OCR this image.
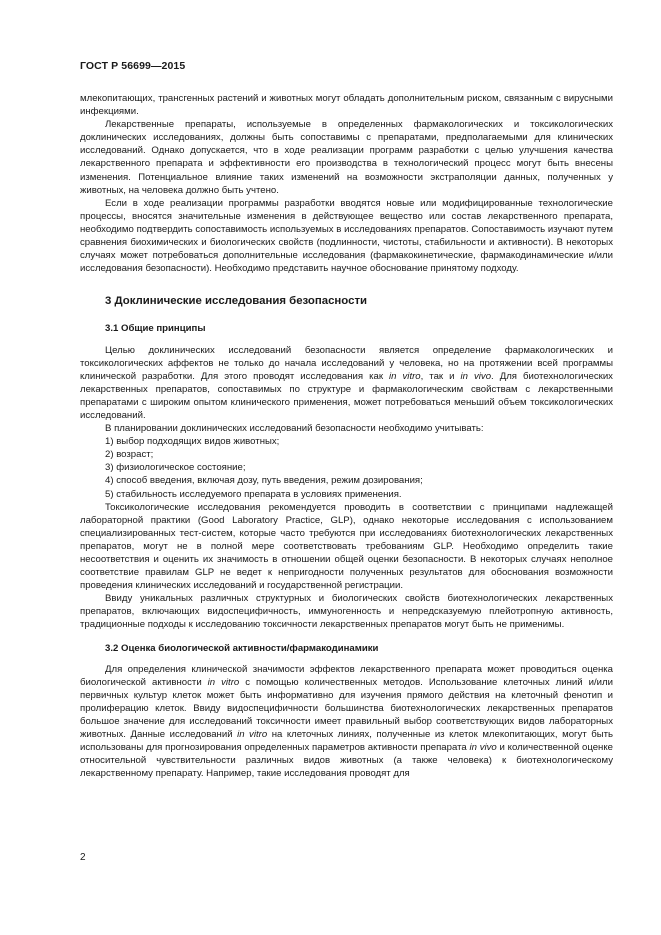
ГОСТ Р 56699—2015

млекопитающих, трансгенных растений и животных могут обладать дополнительным риском, связанным с вирусными инфекциями.

Лекарственные препараты, используемые в определенных фармакологических и токсикологических доклинических исследованиях, должны быть сопоставимы с препаратами, предполагаемыми для клинических исследований. Однако допускается, что в ходе реализации программ разработки с целью улучшения качества лекарственного препарата и эффективности его производства в технологический процесс могут быть внесены изменения. Потенциальное влияние таких изменений на возможности экстраполяции данных, полученных у животных, на человека должно быть учтено.

Если в ходе реализации программы разработки вводятся новые или модифицированные технологические процессы, вносятся значительные изменения в действующее вещество или состав лекарственного препарата, необходимо подтвердить сопоставимость используемых в исследованиях препаратов. Сопоставимость изучают путем сравнения биохимических и биологических свойств (подлинности, чистоты, стабильности и активности). В некоторых случаях может потребоваться дополнительные исследования (фармакокинетические, фармакодинамические и/или исследования безопасности). Необходимо представить научное обоснование принятому подходу.

3 Доклинические исследования безопасности
3.1 Общие принципы

Целью доклинических исследований безопасности является определение фармакологических и токсикологических аффектов не только до начала исследований у человека, но на протяжении всей программы клинической разработки. Для этого проводят исследования как in vitro, так и in vivo. Для биотехнологических лекарственных препаратов, сопоставимых по структуре и фармакологическим свойствам с лекарственными препаратами с широким опытом клинического применения, может потребоваться меньший объем токсикологических исследований.

В планировании доклинических исследований безопасности необходимо учитывать:

1) выбор подходящих видов животных;

2) возраст;

3) физиологическое состояние;

4) способ введения, включая дозу, путь введения, режим дозирования;

5) стабильность исследуемого препарата в условиях применения.

Токсикологические исследования рекомендуется проводить в соответствии с принципами надлежащей лабораторной практики (Good Laboratory Practice, GLP), однако некоторые исследования с использованием специализированных тест-систем, которые часто требуются при исследованиях биотехнологических лекарственных препаратов, могут не в полной мере соответствовать требованиям GLP. Необходимо определить такие несоответствия и оценить их значимость в отношении общей оценки безопасности. В некоторых случаях неполное соответствие правилам GLP не ведет к непригодности полученных результатов для обоснования возможности проведения клинических исследований и государственной регистрации.

Ввиду уникальных различных структурных и биологических свойств биотехнологических лекарственных препаратов, включающих видоспецифичность, иммуногенность и непредсказуемую плейотропную активность, традиционные подходы к исследованию токсичности лекарственных препаратов могут быть не применимы.

3.2 Оценка биологической активности/фармакодинамики

Для определения клинической значимости эффектов лекарственного препарата может проводиться оценка биологической активности in vitro с помощью количественных методов. Использование клеточных линий и/или первичных культур клеток может быть информативно для изучения прямого действия на клеточный фенотип и пролиферацию клеток. Ввиду видоспецифичности большинства биотехнологических лекарственных препаратов большое значение для исследований токсичности имеет правильный выбор соответствующих видов лабораторных животных. Данные исследований in vitro на клеточных линиях, полученные из клеток млекопитающих, могут быть использованы для прогнозирования определенных параметров активности препарата in vivo и количественной оценке относительной чувствительности различных видов животных (а также человека) к биотехнологическому лекарственному препарату. Например, такие исследования проводят для

2
